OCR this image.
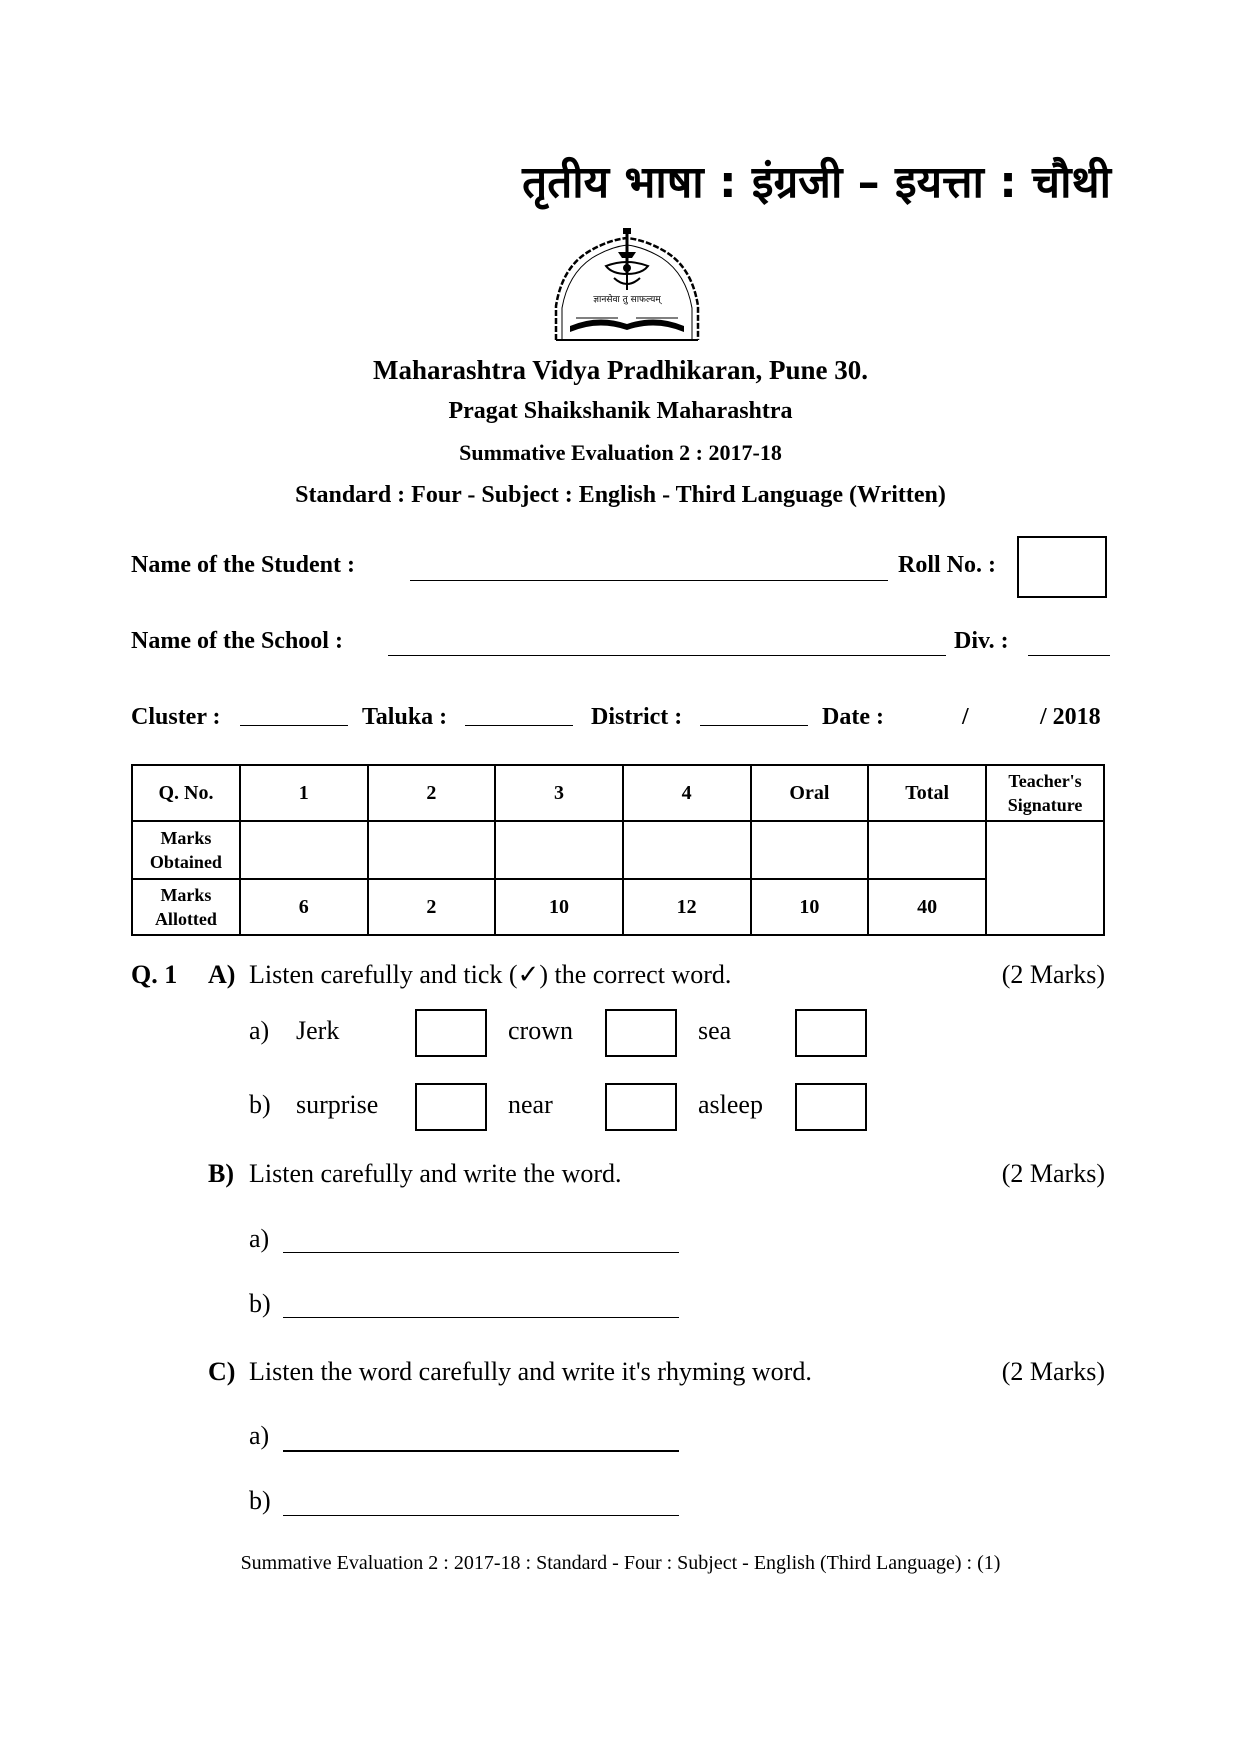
तृतीय भाषा : इंग्रजी – इयत्ता : चौथी
ज्ञानसेवा तु साफल्यम्
Maharashtra Vidya Pradhikaran, Pune 30.
Pragat Shaikshanik Maharashtra
Summative Evaluation 2 : 2017-18
Standard : Four - Subject : English - Third Language (Written)
Name of the Student :	Roll No. :
Name of the School :	Div. :
Cluster :	Taluka :	District :	Date :	/	/ 2018
Q. No.	1	2	3	4	Oral	Total	Teacher's Signature
Marks Obtained							
Marks Allotted	6	2	10	12	10	40	
Q. 1 A) Listen carefully and tick (✓) the correct word.	(2 Marks)
a) Jerk	crown	sea
b) surprise	near	asleep
B) Listen carefully and write the word.	(2 Marks)
a)
b)
C) Listen the word carefully and write it's rhyming word.	(2 Marks)
a)
b)
Summative Evaluation 2 : 2017-18 : Standard - Four : Subject - English (Third Language) : (1)
